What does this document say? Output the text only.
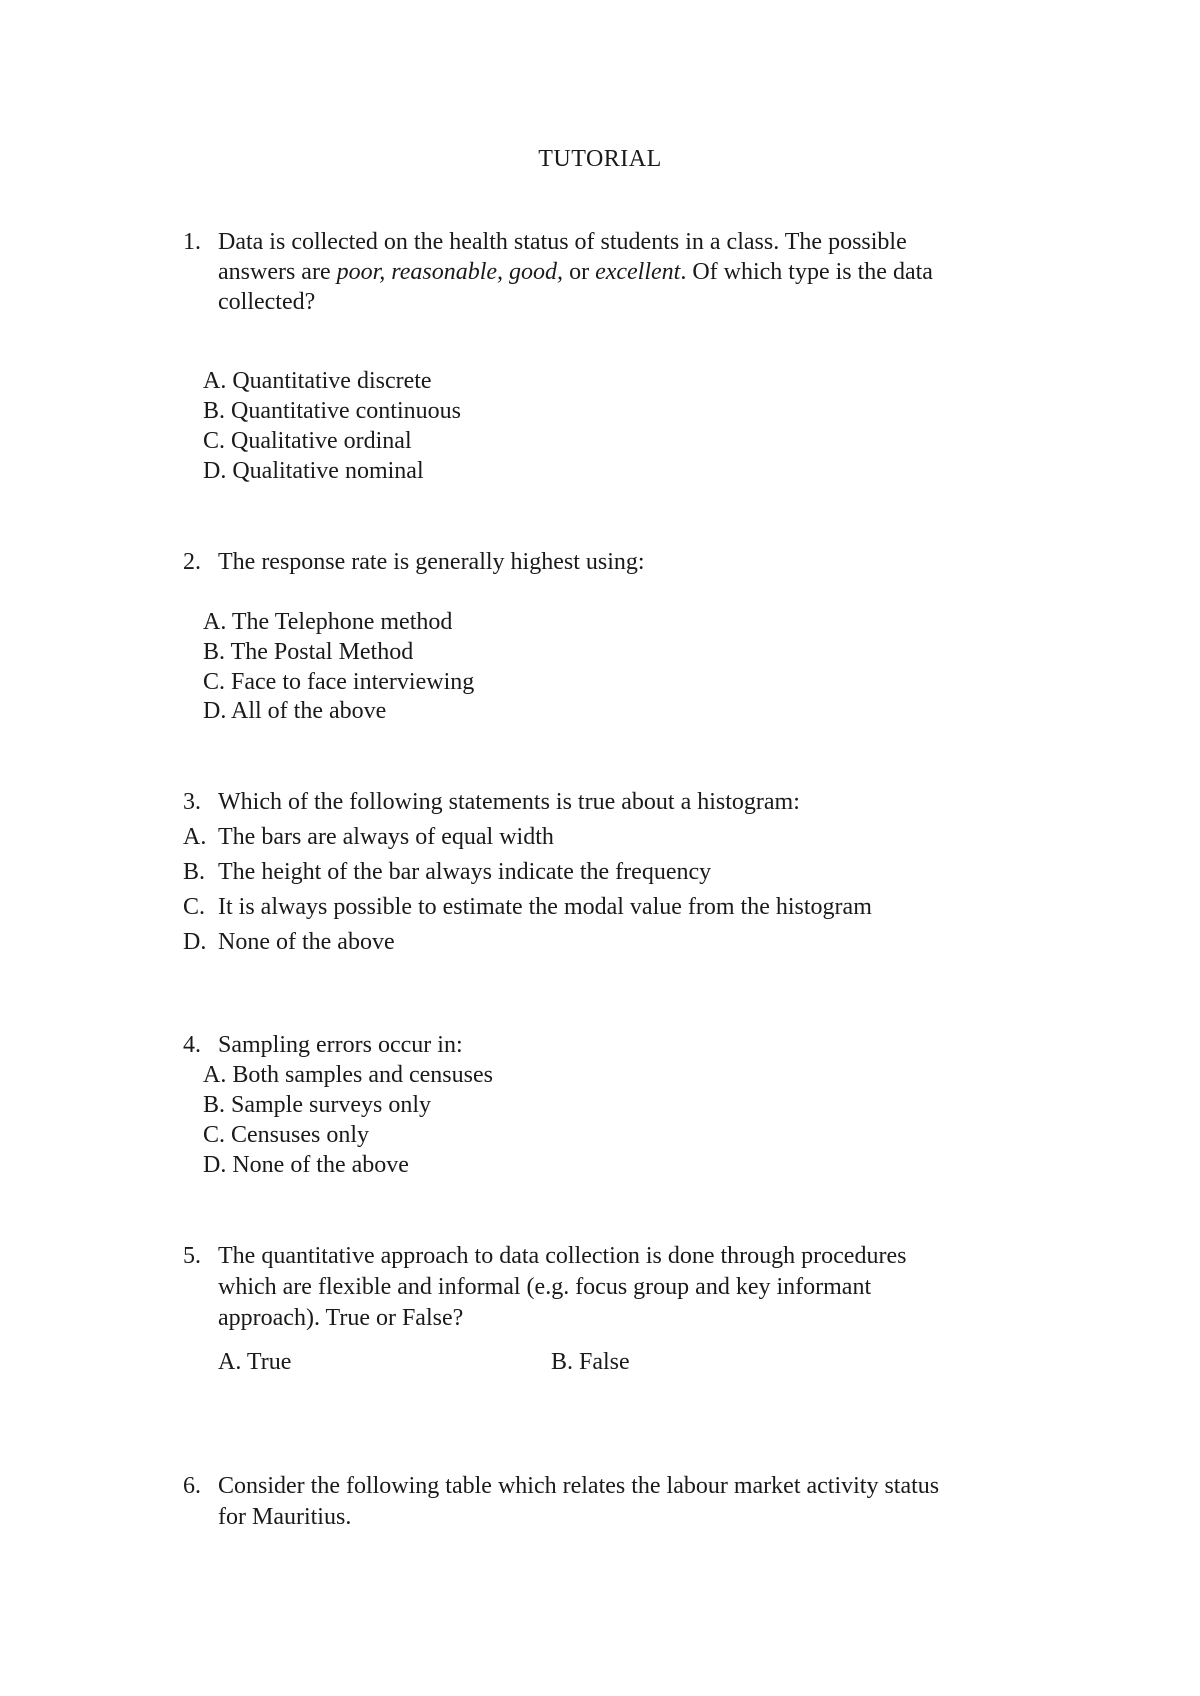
TUTORIAL
1. Data is collected on the health status of students in a class. The possible
answers are poor, reasonable, good, or excellent. Of which type is the data
collected?
A. Quantitative discrete
B. Quantitative continuous
C. Qualitative ordinal
D. Qualitative nominal
2. The response rate is generally highest using:
A. The Telephone method
B. The Postal Method
C. Face to face interviewing
D. All of the above
3. Which of the following statements is true about a histogram:
A. The bars are always of equal width
B. The height of the bar always indicate the frequency
C. It is always possible to estimate the modal value from the histogram
D. None of the above
4. Sampling errors occur in:
A. Both samples and censuses
B. Sample surveys only
C. Censuses only
D. None of the above
5. The quantitative approach to data collection is done through procedures
which are flexible and informal (e.g. focus group and key informant
approach). True or False?
A. True	B. False
6. Consider the following table which relates the labour market activity status
for Mauritius.
